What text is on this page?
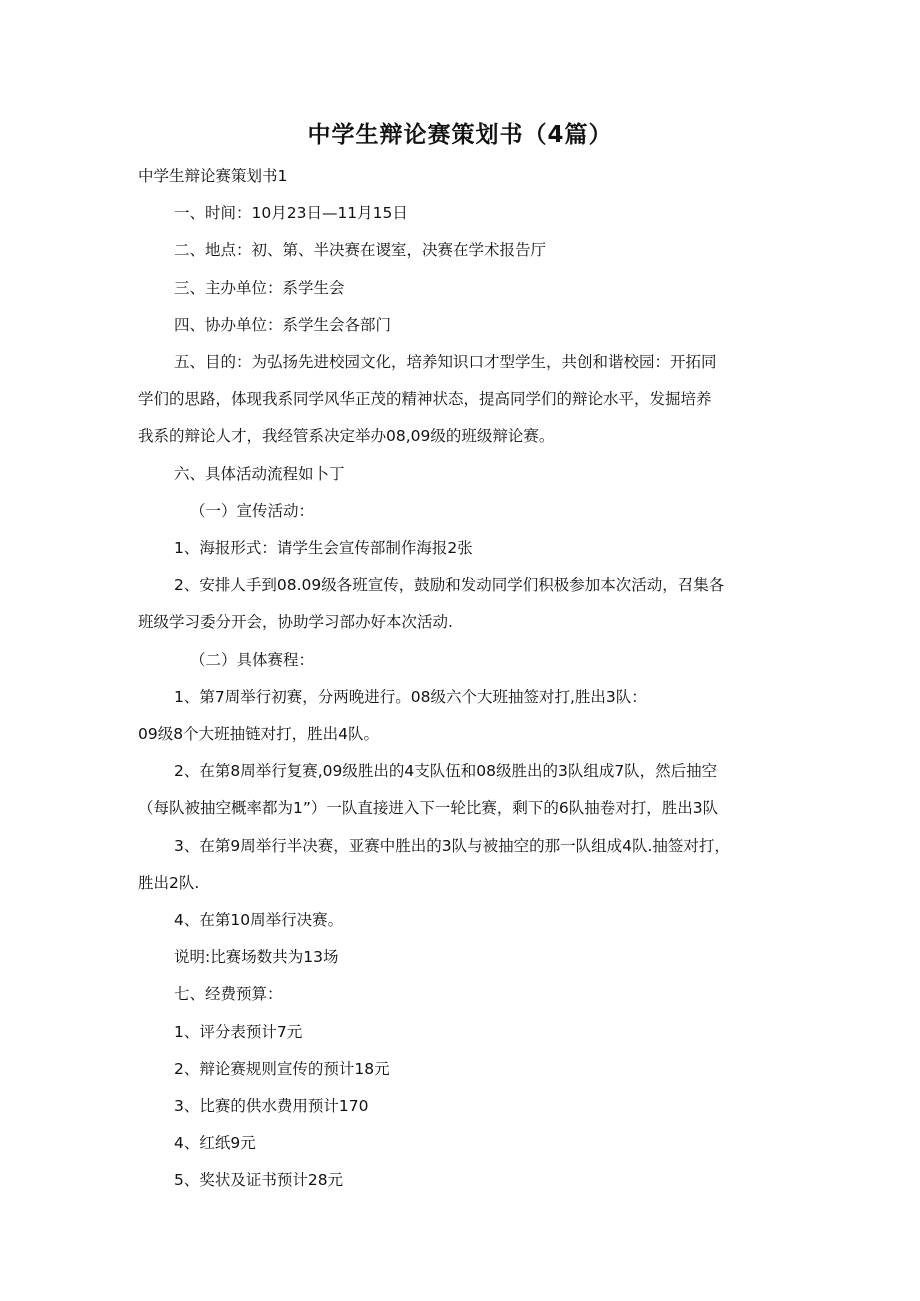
中学生辩论赛策划书（4篇）

中学生辩论赛策划书1

一、时间：10月23日—11月15日

二、地点：初、第、半决赛在谡室，决赛在学术报告厅

三、主办单位：系学生会

四、协办单位：系学生会各部门

五、目的：为弘扬先进校园文化，培养知识口才型学生，共创和谐校园：开拓同

学们的思路，体现我系同学风华正茂的精神状态，提高同学们的辩论水平，发掘培养

我系的辩论人才，我经管系决定举办08,09级的班级辩论赛。

六、具体活动流程如卜丁

（一）宣传活动：

1、海报形式：请学生会宣传部制作海报2张

2、安排人手到08.09级各班宣传，鼓励和发动同学们积极参加本次活动，召集各

班级学习委分开会，协助学习部办好本次活动.

（二）具体赛程：

1、第7周举行初赛，分两晚进行。08级六个大班抽签对打,胜出3队：

09级8个大班抽链对打，胜出4队。

2、在第8周举行复赛,09级胜出的4支队伍和08级胜出的3队组成7队，然后抽空

（每队被抽空概率都为1”）一队直接进入下一轮比赛，剩下的6队抽卷对打，胜出3队

3、在第9周举行半决赛，亚赛中胜出的3队与被抽空的那一队组成4队.抽签对打，

胜出2队.

4、在第10周举行决赛。

说明:比赛场数共为13场

七、经费预算：

1、评分表预计7元

2、辩论赛规则宣传的预计18元

3、比赛的供水费用预计170

4、红纸9元

5、奖状及证书预计28元
